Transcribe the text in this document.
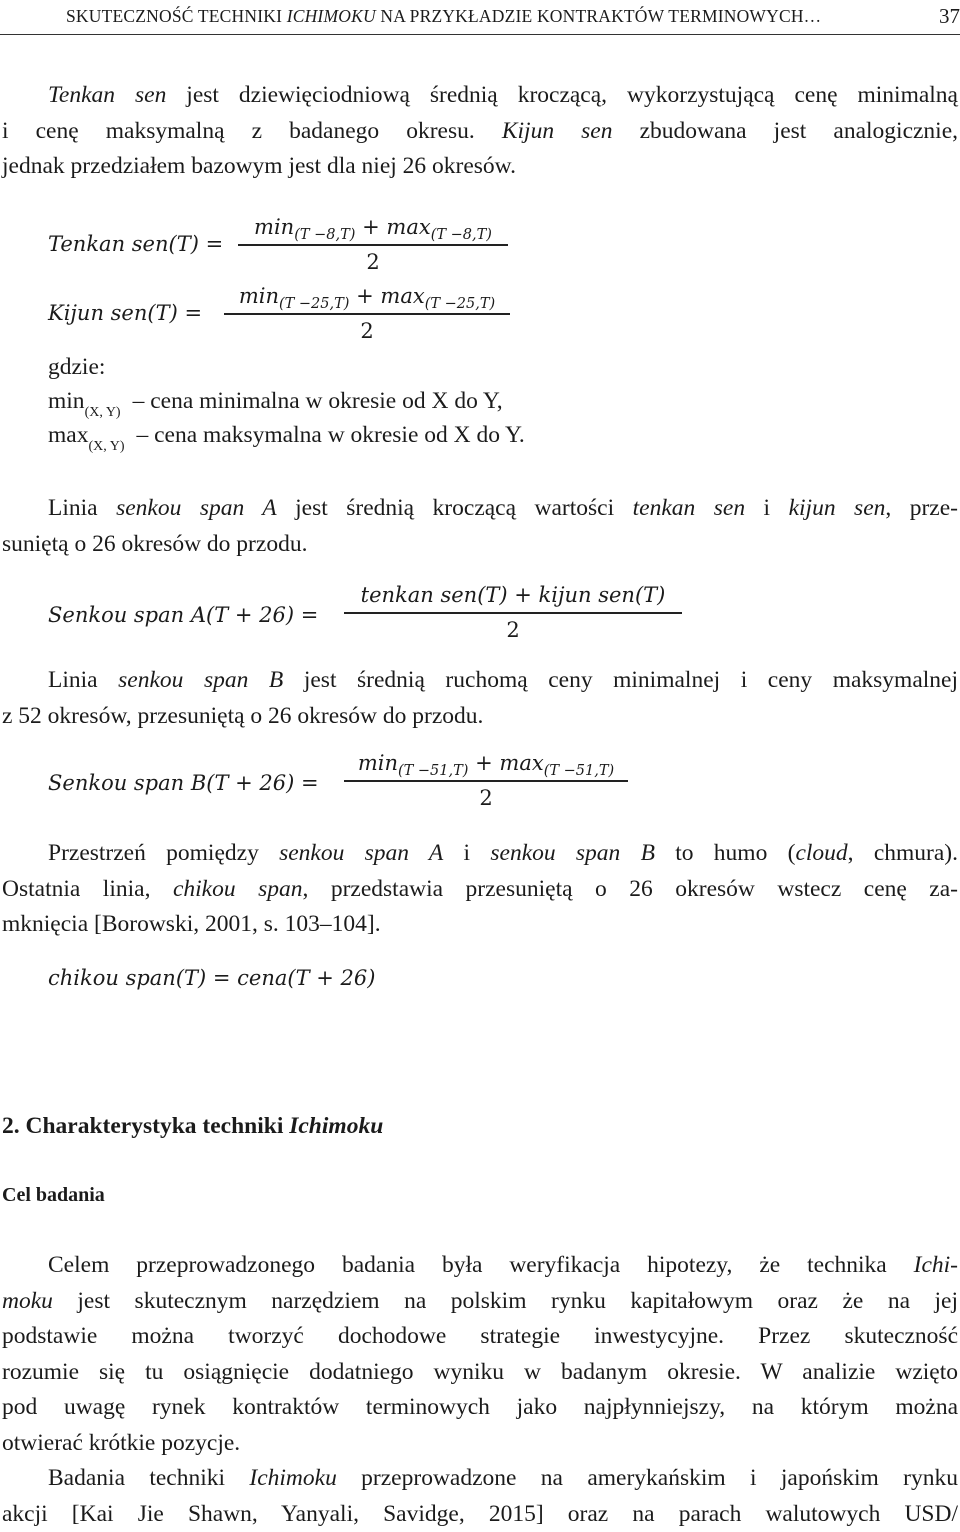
SKUTECZNOŚĆ TECHNIKI ICHIMOKU NA PRZYKŁADZIE KONTRAKTÓW TERMINOWYCH…	37
Tenkan sen jest dziewięciodniową średnią kroczącą, wykorzystującą cenę minimalną
i cenę maksymalną z badanego okresu. Kijun sen zbudowana jest analogicznie,
jednak przedziałem bazowym jest dla niej 26 okresów.
Tenkan sen(T) =
$\min_{(T -8,T)} + \max_{(T -8,T)}$
2
Kijun sen(T) =
$\min_{(T -25,T)} + \max_{(T -25,T)}$
2
gdzie:
$\min_{(X, Y)}$ – cena minimalna w okresie od X do Y,
$\max_{(X, Y)}$ – cena maksymalna w okresie od X do Y.
Linia senkou span A jest średnią kroczącą wartości tenkan sen i kijun sen, prze-
suniętą o 26 okresów do przodu.
Senkou span A(T + 26) =
tenkan sen(T) + kijun sen(T)
2
Linia senkou span B jest średnią ruchomą ceny minimalnej i ceny maksymalnej
z 52 okresów, przesuniętą o 26 okresów do przodu.
Senkou span B(T + 26) =
$\min_{(T -51,T)} + \max_{(T -51,T)}$
2
Przestrzeń pomiędzy senkou span A i senkou span B to humo (cloud, chmura).
Ostatnia linia, chikou span, przedstawia przesuniętą o 26 okresów wstecz cenę za-
mknięcia [Borowski, 2001, s. 103–104].
chikou span(T) = cena(T + 26)
2. Charakterystyka techniki Ichimoku
Cel badania
Celem przeprowadzonego badania była weryfikacja hipotezy, że technika Ichi-
moku jest skutecznym narzędziem na polskim rynku kapitałowym oraz że na jej
podstawie można tworzyć dochodowe strategie inwestycyjne. Przez skuteczność
rozumie się tu osiągnięcie dodatniego wyniku w badanym okresie. W analizie wzięto
pod uwagę rynek kontraktów terminowych jako najpłynniejszy, na którym można
otwierać krótkie pozycje.
Badania techniki Ichimoku przeprowadzone na amerykańskim i japońskim rynku
akcji [Kai Jie Shawn, Yanyali, Savidge, 2015] oraz na parach walutowych USD/
